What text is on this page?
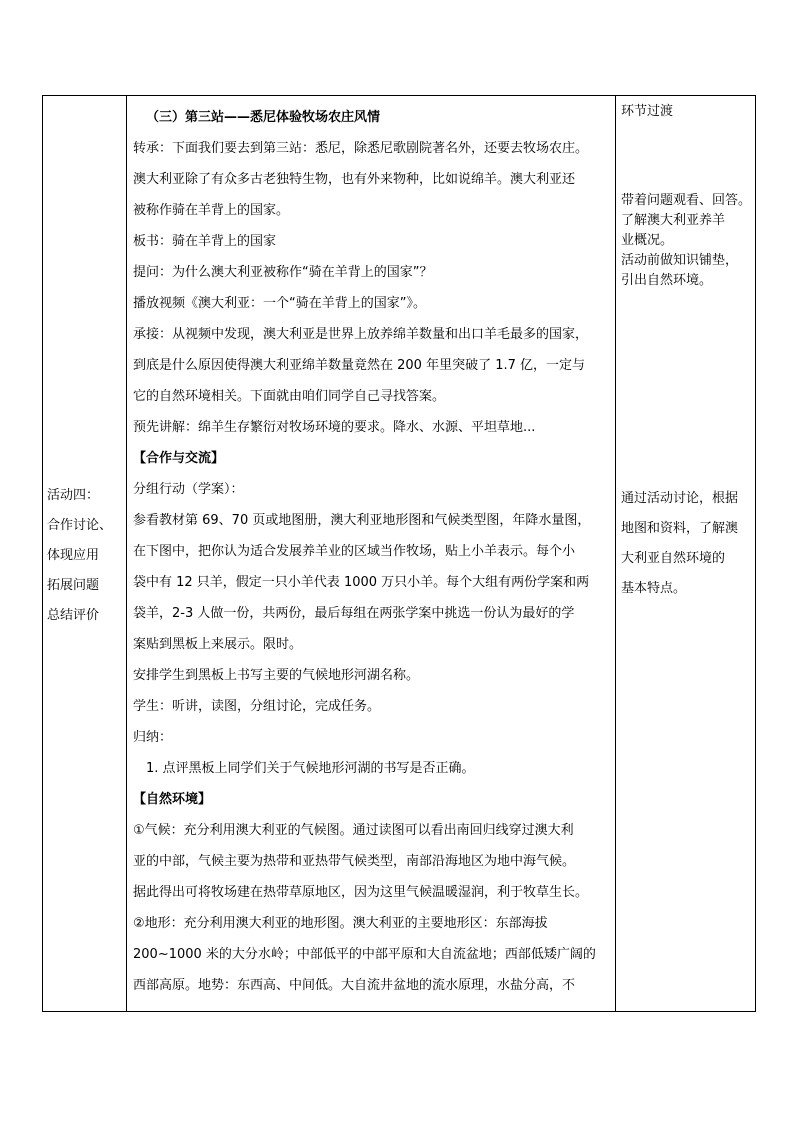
活动四：
合作讨论、
体现应用
拓展问题
总结评价

（三）第三站——悉尼体验牧场农庄风情

转承：下面我们要去到第三站：悉尼，除悉尼歌剧院著名外，还要去牧场农庄。

澳大利亚除了有众多古老独特生物，也有外来物种，比如说绵羊。澳大利亚还

被称作骑在羊背上的国家。

板书：骑在羊背上的国家

提问：为什么澳大利亚被称作“骑在羊背上的国家”？

播放视频《澳大利亚：一个“骑在羊背上的国家”》。

承接：从视频中发现，澳大利亚是世界上放养绵羊数量和出口羊毛最多的国家，

到底是什么原因使得澳大利亚绵羊数量竟然在 200 年里突破了 1.7 亿，一定与

它的自然环境相关。下面就由咱们同学自己寻找答案。

预先讲解：绵羊生存繁衍对牧场环境的要求。降水、水源、平坦草地...

【合作与交流】

分组行动（学案）：

参看教材第 69、70 页或地图册，澳大利亚地形图和气候类型图，年降水量图，

在下图中，把你认为适合发展养羊业的区域当作牧场，贴上小羊表示。每个小

袋中有 12 只羊，假定一只小羊代表 1000 万只小羊。每个大组有两份学案和两

袋羊，2-3 人做一份，共两份，最后每组在两张学案中挑选一份认为最好的学

案贴到黑板上来展示。限时。

安排学生到黑板上书写主要的气候地形河湖名称。

学生：听讲，读图，分组讨论，完成任务。

归纳：

1. 点评黑板上同学们关于气候地形河湖的书写是否正确。

【自然环境】

①气候：充分利用澳大利亚的气候图。通过读图可以看出南回归线穿过澳大利

亚的中部，气候主要为热带和亚热带气候类型，南部沿海地区为地中海气候。

据此得出可将牧场建在热带草原地区，因为这里气候温暖湿润，利于牧草生长。

②地形：充分利用澳大利亚的地形图。澳大利亚的主要地形区：东部海拔

200~1000 米的大分水岭；中部低平的中部平原和大自流盆地；西部低矮广阔的

西部高原。地势：东西高、中间低。大自流井盆地的流水原理，水盐分高，不

环节过渡

带着问题观看、回答。

了解澳大利亚养羊

业概况。

活动前做知识铺垫，

引出自然环境。

通过活动讨论，根据

地图和资料，了解澳

大利亚自然环境的

基本特点。
